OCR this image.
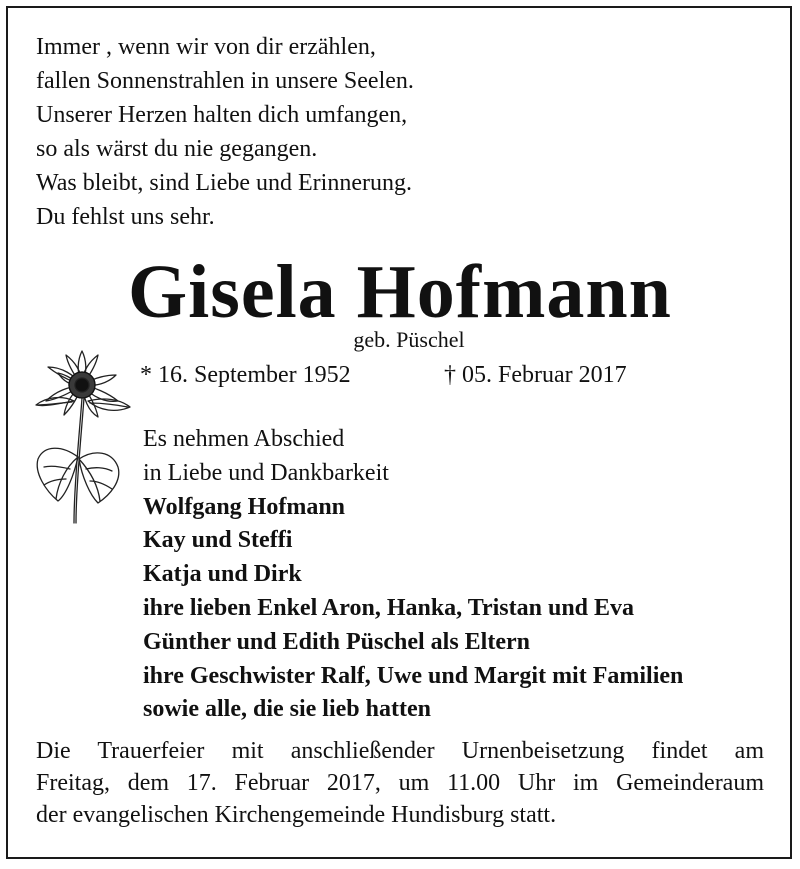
Immer , wenn wir von dir erzählen,
fallen Sonnenstrahlen in unsere Seelen.
Unserer Herzen halten dich umfangen,
so als wärst du nie gegangen.
Was bleibt, sind Liebe und Erinnerung.
Du fehlst uns sehr.
Gisela Hofmann
geb. Püschel
* 16. September 1952	† 05. Februar 2017
Es nehmen Abschied
in Liebe und Dankbarkeit
Wolfgang Hofmann
Kay und Steffi
Katja und Dirk
ihre lieben Enkel Aron, Hanka, Tristan und Eva
Günther und Edith Püschel als Eltern
ihre Geschwister Ralf, Uwe und Margit mit Familien
sowie alle, die sie lieb hatten
Die Trauerfeier mit anschließender Urnenbeisetzung findet am
Freitag, dem 17. Februar 2017, um 11.00 Uhr im Gemeinderaum
der evangelischen Kirchengemeinde Hundisburg statt.
